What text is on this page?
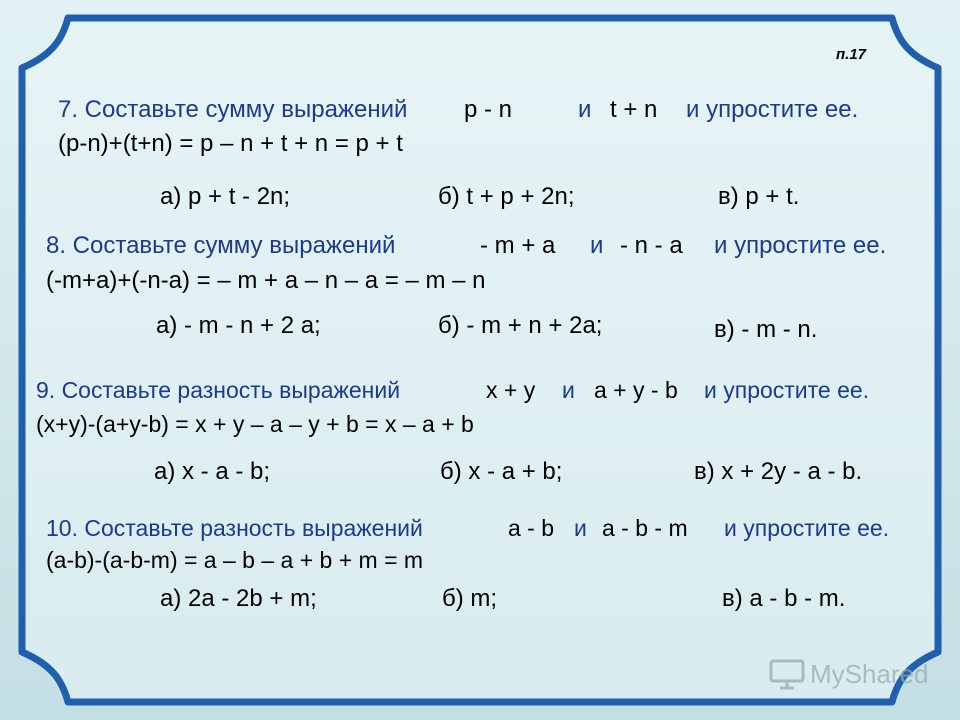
п.17
7. Составьте сумму выражений p - n	и t + n и упростите ее.
(p-n)+(t+n) = p – n + t + n = p + t
а) p + t - 2n;	б) t + p + 2n;	в) p + t.
8. Составьте сумму выражений	- m + a и - n - a и упростите ее.
(-m+a)+(-n-a) = – m + a – n – a = – m – n
а) - m - n + 2 a;	б) - m + n + 2a;	в) - m - n.
9. Составьте разность выражений	x + y и a + y - b и упростите ее.
(x+y)-(a+y-b) = x + y – a – y + b = x – a + b
а) x - a - b;	б) x - a + b;	в) x + 2y - a - b.
10. Составьте разность выражений	a - b и a - b - m и упростите ее.
(a-b)-(a-b-m) = a – b – a + b + m = m
а) 2a - 2b + m;	б) m;	в) a - b - m.
MyShared
